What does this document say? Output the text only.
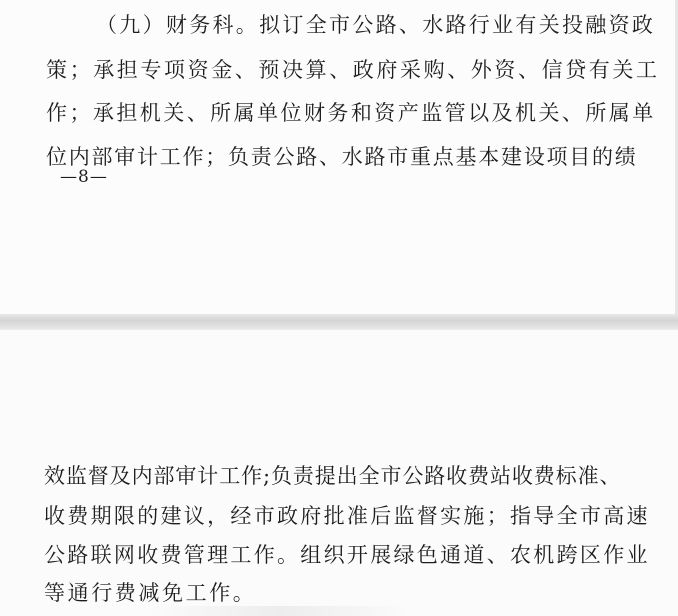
（九）财务科。拟订全市公路、水路行业有关投融资政
策；承担专项资金、预决算、政府采购、外资、信贷有关工
作；承担机关、所属单位财务和资产监管以及机关、所属单
位内部审计工作；负责公路、水路市重点基本建设项目的绩
—8—
效监督及内部审计工作;负责提出全市公路收费站收费标准、
收费期限的建议，经市政府批准后监督实施；指导全市高速
公路联网收费管理工作。组织开展绿色通道、农机跨区作业
等通行费减免工作。
